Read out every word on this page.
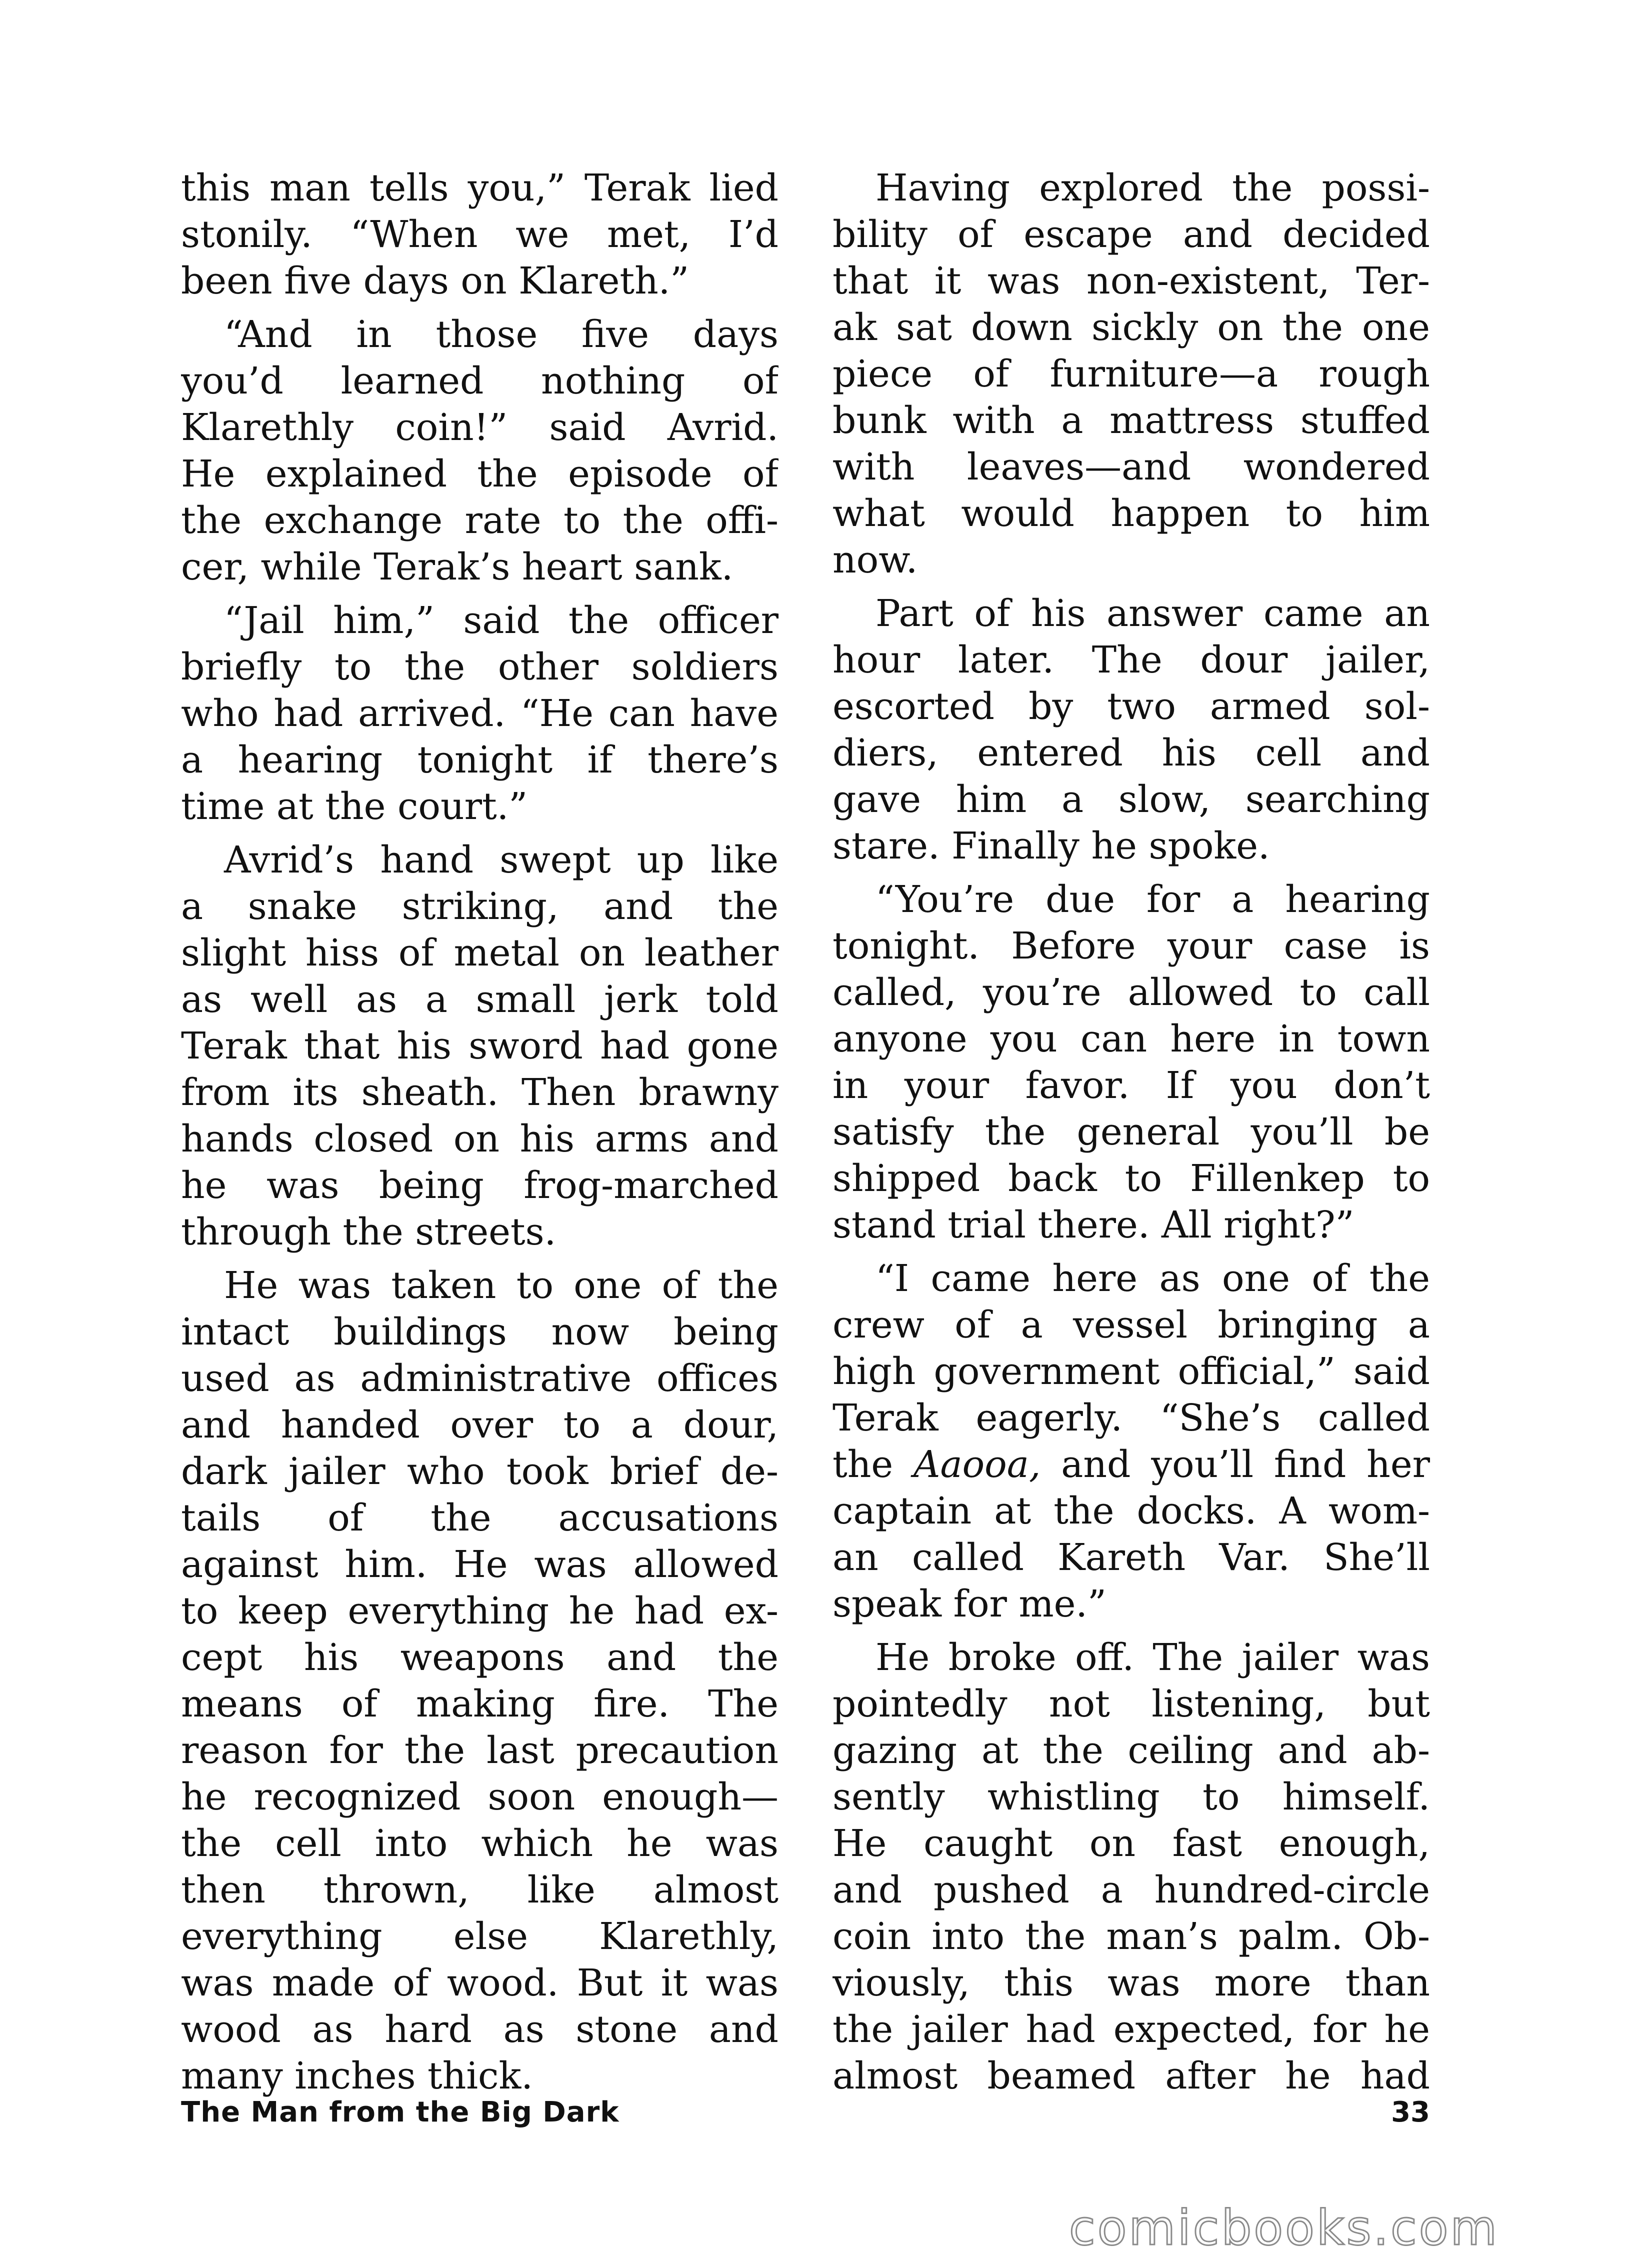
this man tells you,” Terak lied
stonily. “When we met, I’d
been five days on Klareth.”
“And in those five days
you’d learned nothing of
Klarethly coin!” said Avrid.
He explained the episode of
the exchange rate to the offi-
cer, while Terak’s heart sank.
“Jail him,” said the officer
briefly to the other soldiers
who had arrived. “He can have
a hearing tonight if there’s
time at the court.”
Avrid’s hand swept up like
a snake striking, and the
slight hiss of metal on leather
as well as a small jerk told
Terak that his sword had gone
from its sheath. Then brawny
hands closed on his arms and
he was being frog-marched
through the streets.
He was taken to one of the
intact buildings now being
used as administrative offices
and handed over to a dour,
dark jailer who took brief de-
tails of the accusations
against him. He was allowed
to keep everything he had ex-
cept his weapons and the
means of making fire. The
reason for the last precaution
he recognized soon enough—
the cell into which he was
then thrown, like almost
everything else Klarethly,
was made of wood. But it was
wood as hard as stone and
many inches thick.
Having explored the possi-
bility of escape and decided
that it was non-existent, Ter-
ak sat down sickly on the one
piece of furniture—a rough
bunk with a mattress stuffed
with leaves—and wondered
what would happen to him
now.
Part of his answer came an
hour later. The dour jailer,
escorted by two armed sol-
diers, entered his cell and
gave him a slow, searching
stare. Finally he spoke.
“You’re due for a hearing
tonight. Before your case is
called, you’re allowed to call
anyone you can here in town
in your favor. If you don’t
satisfy the general you’ll be
shipped back to Fillenkep to
stand trial there. All right?”
“I came here as one of the
crew of a vessel bringing a
high government official,” said
Terak eagerly. “She’s called
the Aaooa, and you’ll find her
captain at the docks. A wom-
an called Kareth Var. She’ll
speak for me.”
He broke off. The jailer was
pointedly not listening, but
gazing at the ceiling and ab-
sently whistling to himself.
He caught on fast enough,
and pushed a hundred-circle
coin into the man’s palm. Ob-
viously, this was more than
the jailer had expected, for he
almost beamed after he had
The Man from the Big Dark	33
comicbooks.com
